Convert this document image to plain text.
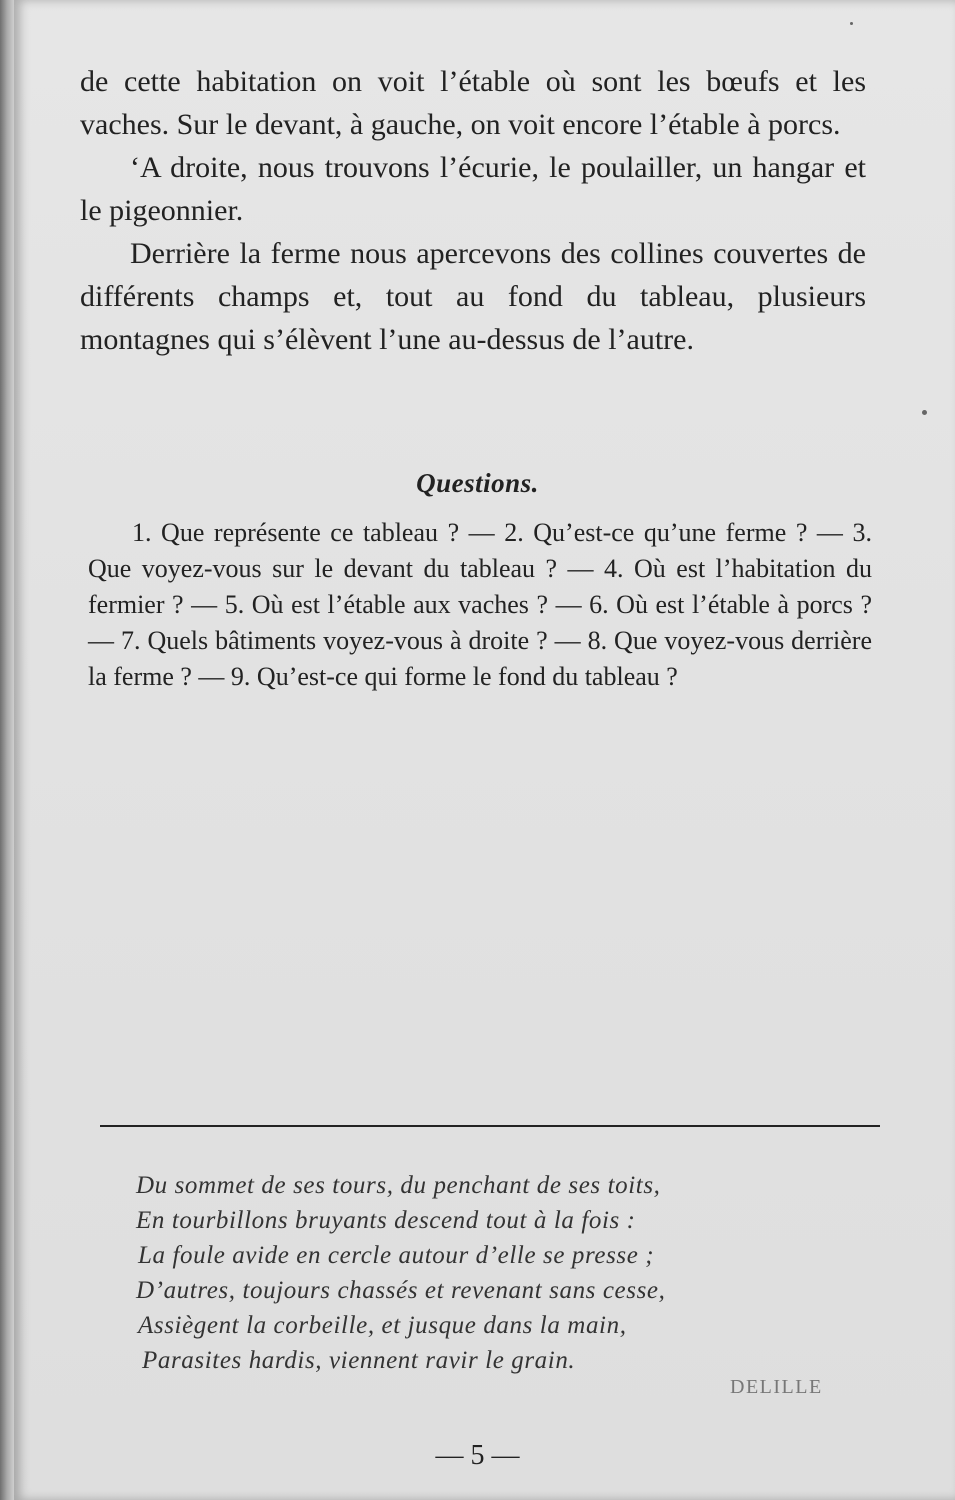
de cette habitation on voit l’étable où sont les bœufs et les vaches. Sur le devant, à gauche, on voit encore l’étable à porcs.

‘A droite, nous trouvons l’écurie, le poulailler, un hangar et le pigeonnier.

Derrière la ferme nous apercevons des collines couvertes de différents champs et, tout au fond du tableau, plusieurs montagnes qui s’élèvent l’une au-dessus de l’autre.

Questions.
1. Que représente ce tableau ? — 2. Qu’est-ce qu’une ferme ? — 3. Que voyez-vous sur le devant du tableau ? — 4. Où est l’habitation du fermier ? — 5. Où est l’étable aux vaches ? — 6. Où est l’étable à porcs ? — 7. Quels bâtiments voyez-vous à droite ? — 8. Que voyez-vous derrière la ferme ? — 9. Qu’est-ce qui forme le fond du tableau ?
Du sommet de ses tours, du penchant de ses toits,
En tourbillons bruyants descend tout à la fois :
La foule avide en cercle autour d’elle se presse ;
D’autres, toujours chassés et revenant sans cesse,
Assiègent la corbeille, et jusque dans la main,
Parasites hardis, viennent ravir le grain.
DELILLE
— 5 —
